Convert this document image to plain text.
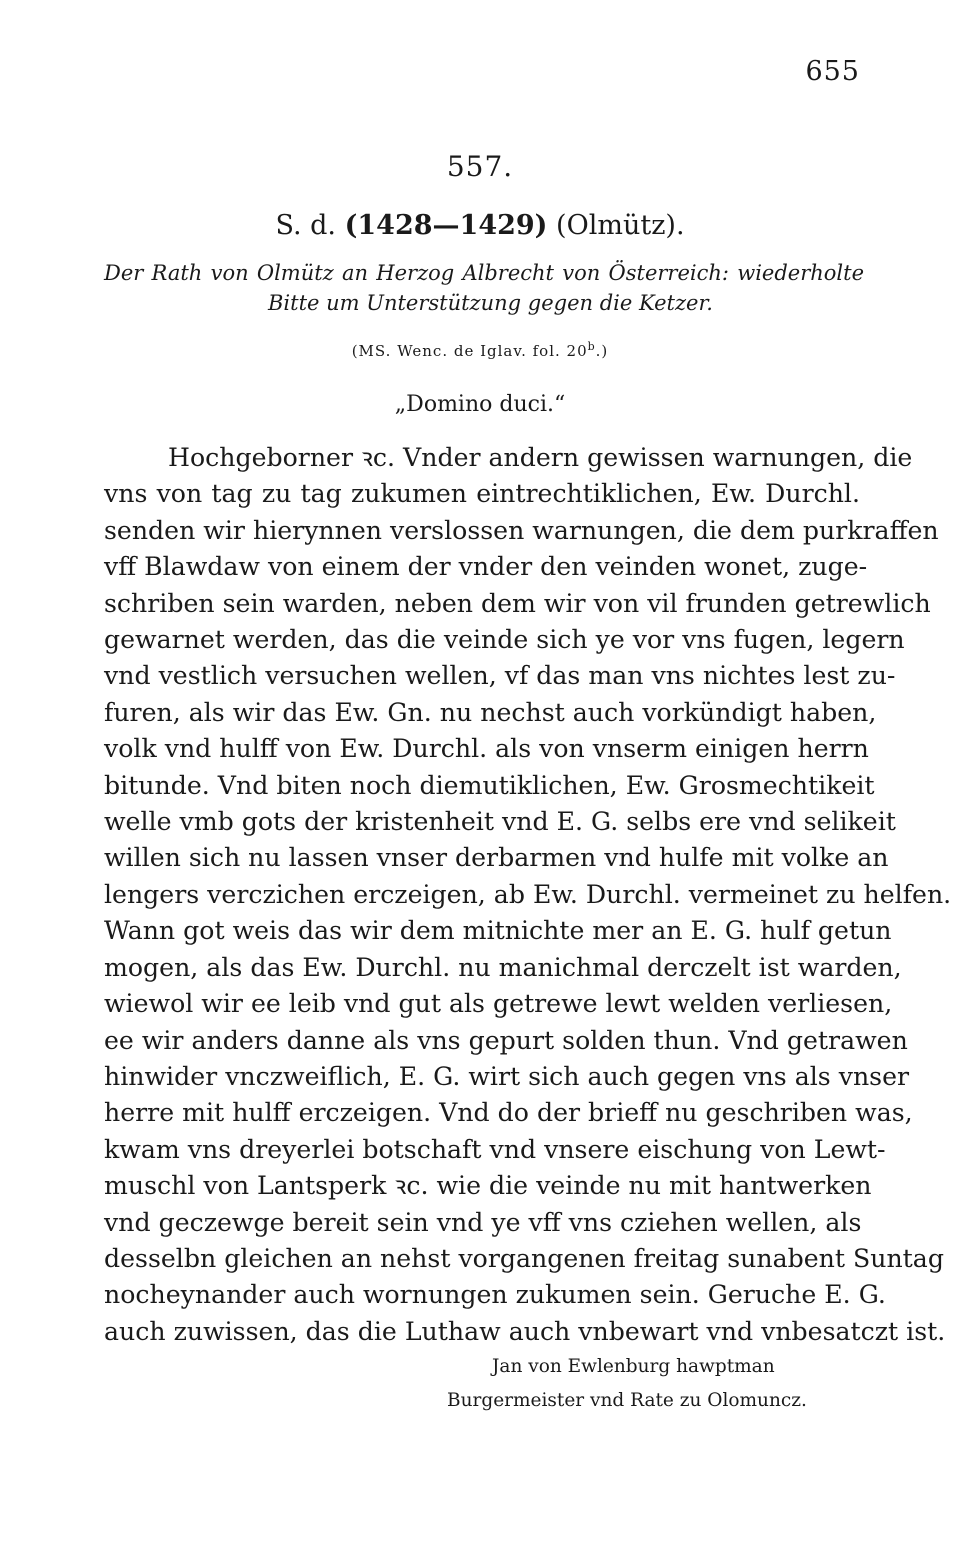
655
557.
S. d. (1428—1429) (Olmütz).
Der Rath von Olmütz an Herzog Albrecht von Österreich: wiederholte
Bitte um Unterstützung gegen die Ketzer.
(MS. Wenc. de Iglav. fol. 20$^b$.)
„Domino duci.“
Hochgeborner ꝛc. Vnder andern gewissen warnungen, die
vns von tag zu tag zukumen eintrechtiklichen, Ew. Durchl.
senden wir hierynnen verslossen warnungen, die dem purkraffen
vff Blawdaw von einem der vnder den veinden wonet, zuge-
schriben sein warden, neben dem wir von vil frunden getrewlich
gewarnet werden, das die veinde sich ye vor vns fugen, legern
vnd vestlich versuchen wellen, vf das man vns nichtes lest zu-
furen, als wir das Ew. Gn. nu nechst auch vorkündigt haben,
volk vnd hulff von Ew. Durchl. als von vnserm einigen herrn
bitunde. Vnd biten noch diemutiklichen, Ew. Grosmechtikeit
welle vmb gots der kristenheit vnd E. G. selbs ere vnd selikeit
willen sich nu lassen vnser derbarmen vnd hulfe mit volke an
lengers verczichen erczeigen, ab Ew. Durchl. vermeinet zu helfen.
Wann got weis das wir dem mitnichte mer an E. G. hulf getun
mogen, als das Ew. Durchl. nu manichmal derczelt ist warden,
wiewol wir ee leib vnd gut als getrewe lewt welden verliesen,
ee wir anders danne als vns gepurt solden thun. Vnd getrawen
hinwider vnczweiflich, E. G. wirt sich auch gegen vns als vnser
herre mit hulff erczeigen. Vnd do der brieff nu geschriben was,
kwam vns dreyerlei botschaft vnd vnsere eischung von Lewt-
muschl von Lantsperk ꝛc. wie die veinde nu mit hantwerken
vnd geczewge bereit sein vnd ye vff vns cziehen wellen, als
desselbn gleichen an nehst vorgangenen freitag sunabent Suntag
nocheynander auch wornungen zukumen sein. Geruche E. G.
auch zuwissen, das die Luthaw auch vnbewart vnd vnbesatczt ist.
Jan von Ewlenburg hawptman
Burgermeister vnd Rate zu Olomuncz.
